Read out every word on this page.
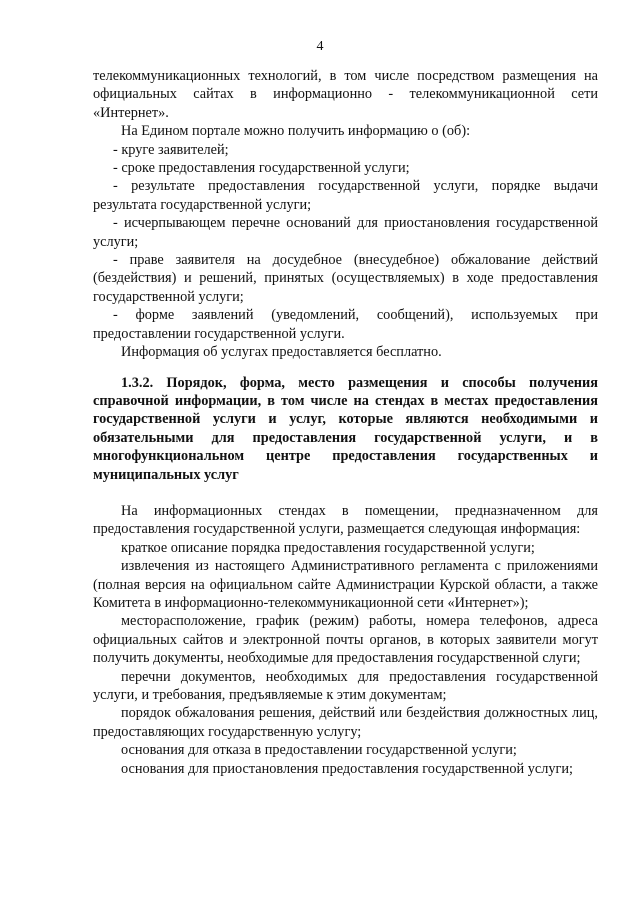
4

телекоммуникационных технологий, в том числе посредством размещения на официальных сайтах в информационно - телекоммуникационной сети «Интернет».

На Едином портале можно получить информацию о (об):

- круге заявителей;

- сроке предоставления государственной услуги;

- результате предоставления государственной услуги, порядке выдачи результата государственной услуги;

- исчерпывающем перечне оснований для приостановления государственной услуги;

- праве заявителя на досудебное (внесудебное) обжалование действий (бездействия) и решений, принятых (осуществляемых) в ходе предоставления государственной услуги;

- форме заявлений (уведомлений, сообщений), используемых при предоставлении государственной услуги.

Информация об услугах предоставляется бесплатно.

1.3.2. Порядок, форма, место размещения и способы получения справочной информации, в том числе на стендах в местах предоставления государственной услуги и услуг, которые являются необходимыми и обязательными для предоставления государственной услуги, и в многофункциональном центре предоставления государственных и муниципальных услуг

На информационных стендах в помещении, предназначенном для предоставления государственной услуги, размещается следующая информация:

краткое описание порядка предоставления государственной услуги;

извлечения из настоящего Административного регламента с приложениями (полная версия на официальном сайте Администрации Курской области, а также Комитета в информационно-телекоммуникационной сети «Интернет»);

месторасположение, график (режим) работы, номера телефонов, адреса официальных сайтов и электронной почты органов, в которых заявители могут получить документы, необходимые для предоставления государственной слуги;

перечни документов, необходимых для предоставления государственной услуги, и требования, предъявляемые к этим документам;

порядок обжалования решения, действий или бездействия должностных лиц, предоставляющих государственную услугу;

основания для отказа в предоставлении государственной услуги;

основания для приостановления предоставления государственной услуги;
